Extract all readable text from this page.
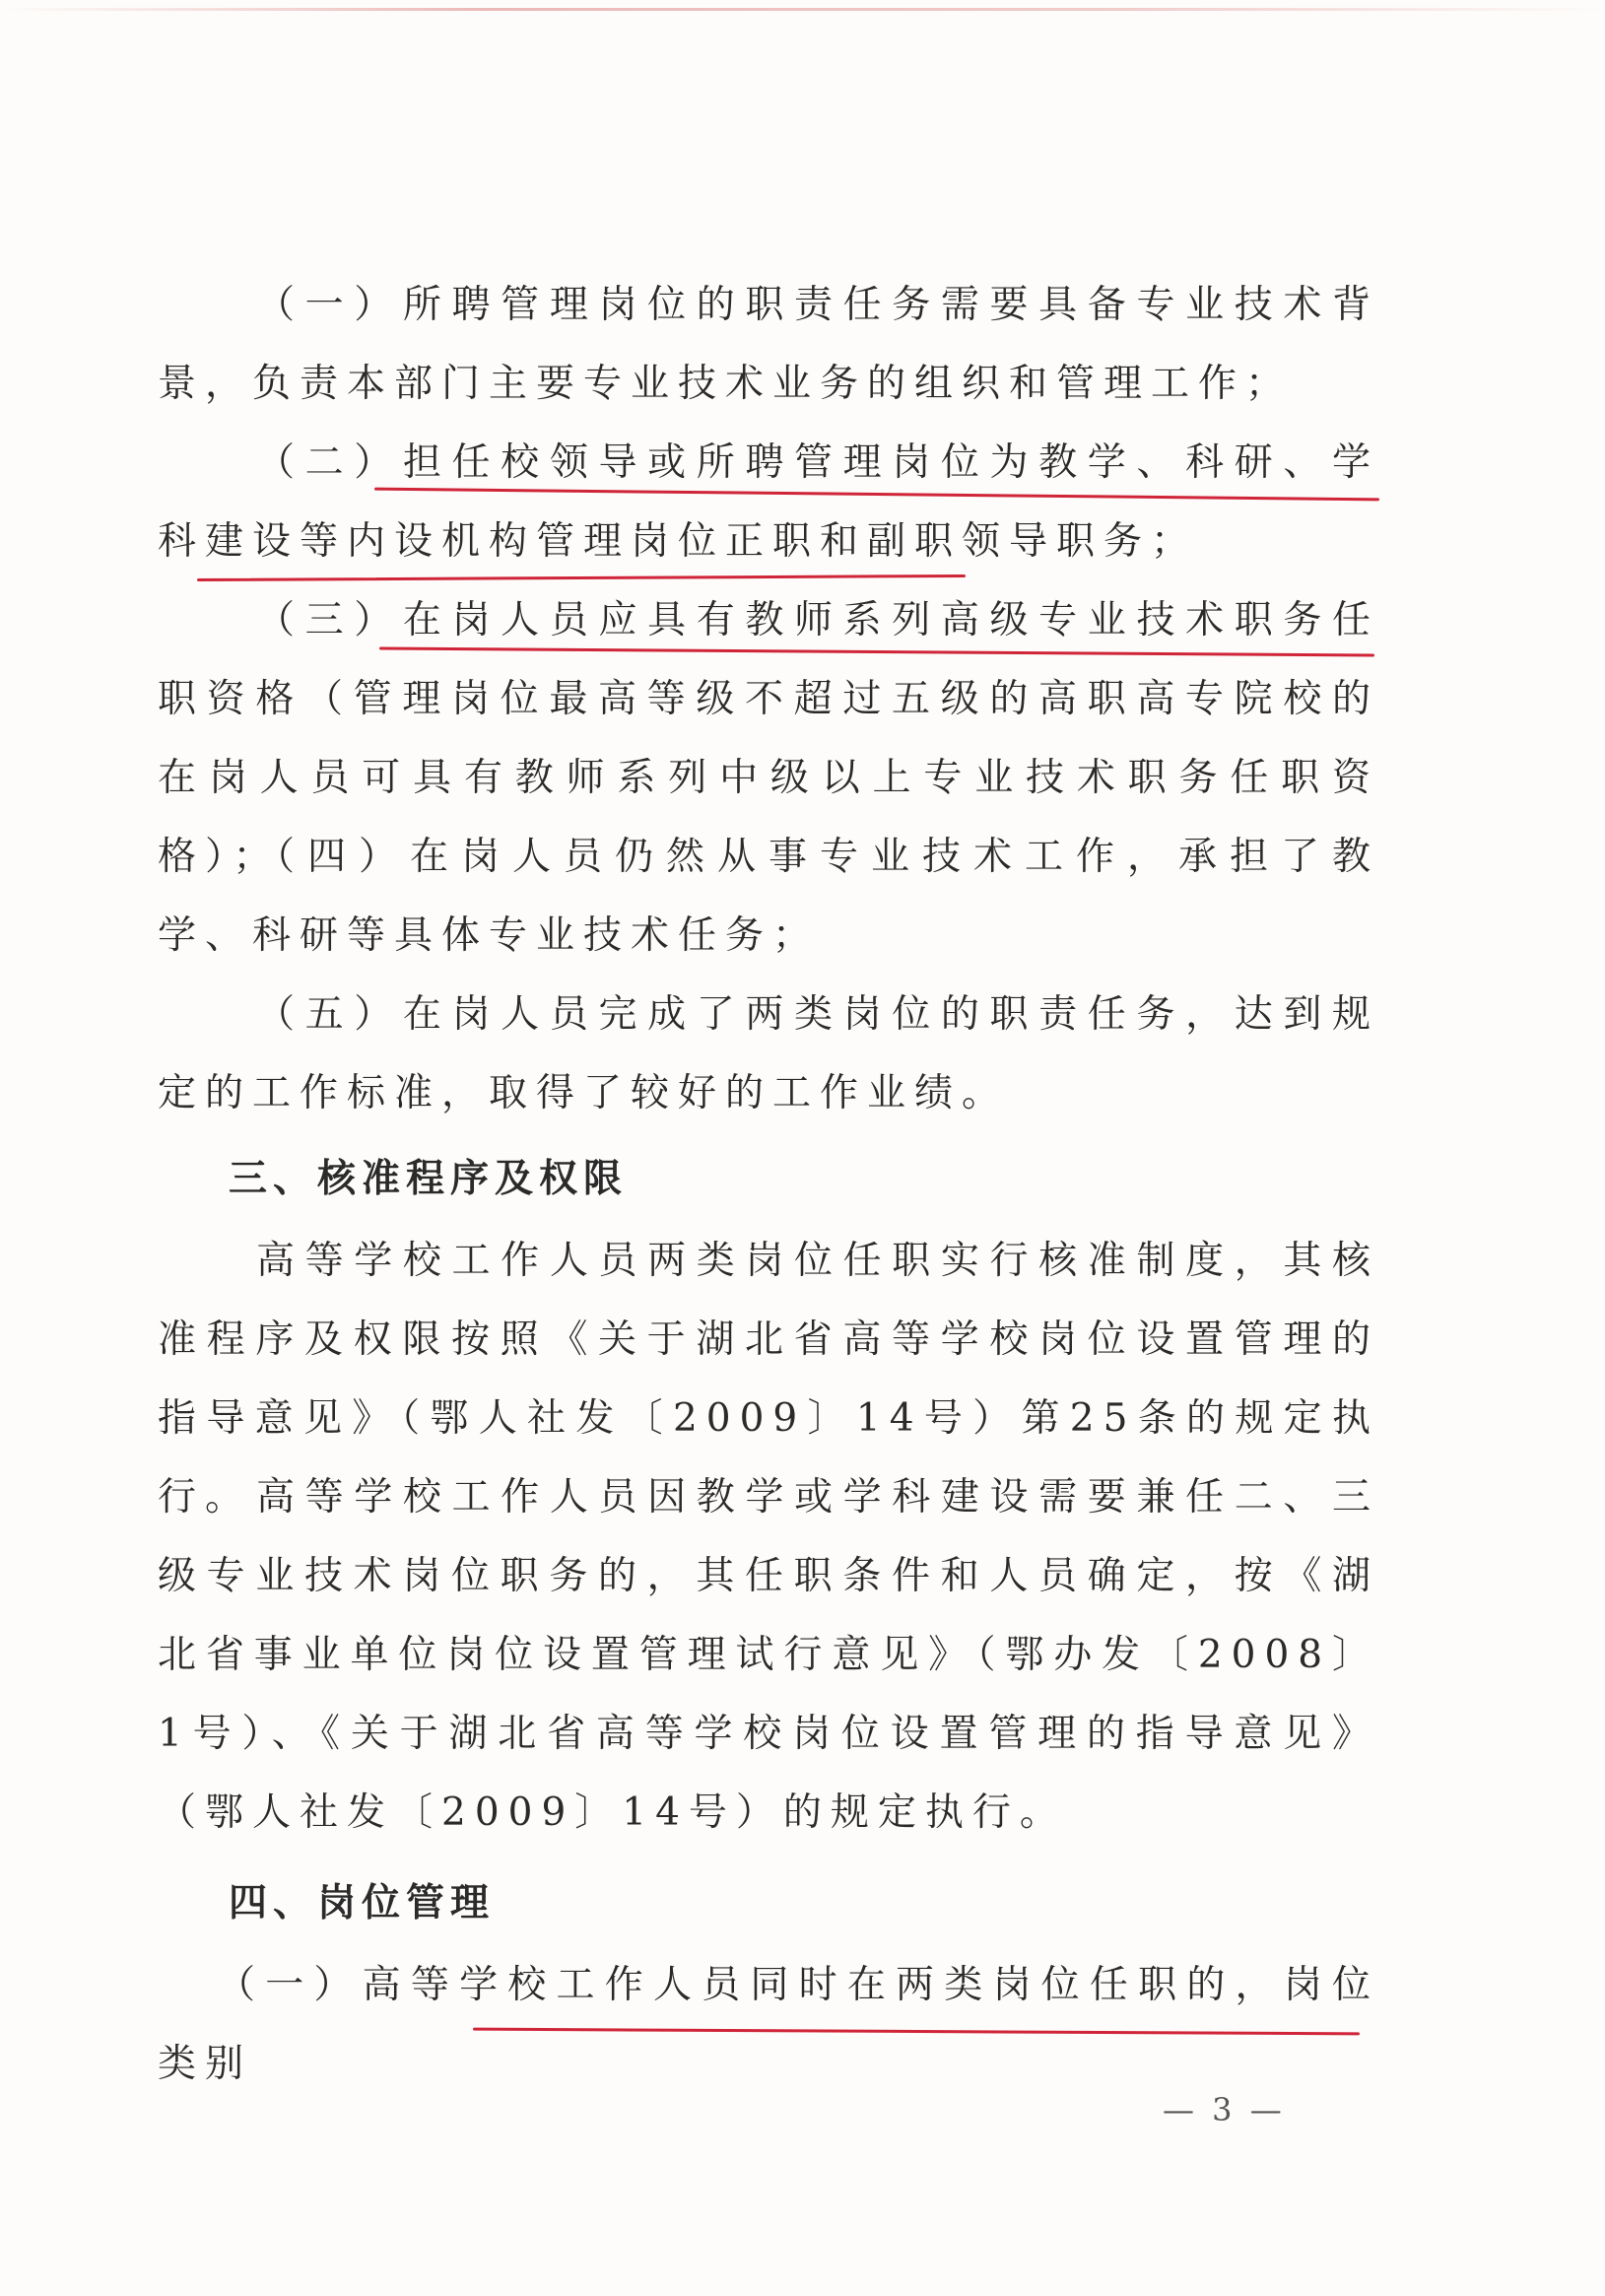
（一）所聘管理岗位的职责任务需要具备专业技术背景，负责本部门主要专业技术业务的组织和管理工作；

（二）担任校领导或所聘管理岗位为教学、科研、学科建设等内设机构管理岗位正职和副职领导职务；

（三）在岗人员应具有教师系列高级专业技术职务任职资格（管理岗位最高等级不超过五级的高职高专院校的在岗人员可具有教师系列中级以上专业技术职务任职资格）；

（四）在岗人员仍然从事专业技术工作，承担了教学、科研等具体专业技术任务；

（五）在岗人员完成了两类岗位的职责任务，达到规定的工作标准，取得了较好的工作业绩。

三、核准程序及权限

高等学校工作人员两类岗位任职实行核准制度，其核准程序及权限按照《关于湖北省高等学校岗位设置管理的指导意见》（鄂人社发〔2009〕14号）第25条的规定执行。 高等学校工作人员因教学或学科建设需要兼任二、三级专业技术岗位职务的，其任职条件和人员确定，按《湖北省事业单位岗位设置管理试行意见》（鄂办发〔2008〕1号）、《关于湖北省高等学校岗位设置管理的指导意见》（鄂人社发〔2009〕14号）的规定执行。

四、岗位管理

（一）高等学校工作人员同时在两类岗位任职的，岗位类别

— 3 —
